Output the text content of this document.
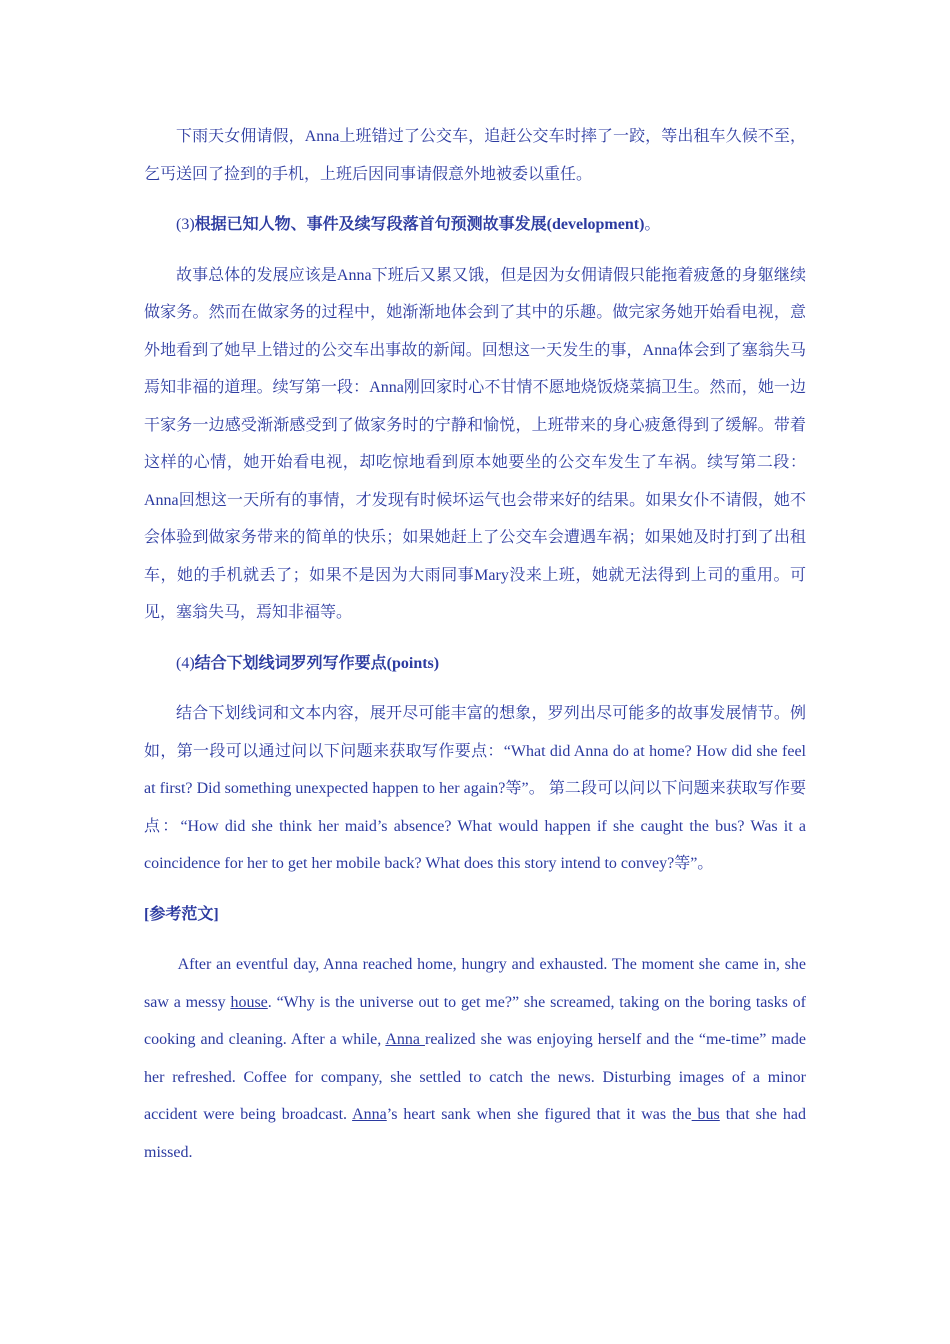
下雨天女佣请假，Anna上班错过了公交车，追赶公交车时摔了一跤，等出租车久候不至，乞丐送回了捡到的手机，上班后因同事请假意外地被委以重任。

(3)根据已知人物、事件及续写段落首句预测故事发展(development)。

故事总体的发展应该是Anna下班后又累又饿，但是因为女佣请假只能拖着疲惫的身躯继续做家务。然而在做家务的过程中，她渐渐地体会到了其中的乐趣。做完家务她开始看电视，意外地看到了她早上错过的公交车出事故的新闻。回想这一天发生的事，Anna体会到了塞翁失马焉知非福的道理。续写第一段：Anna刚回家时心不甘情不愿地烧饭烧菜搞卫生。然而，她一边干家务一边感受渐渐感受到了做家务时的宁静和愉悦，上班带来的身心疲惫得到了缓解。带着这样的心情，她开始看电视，却吃惊地看到原本她要坐的公交车发生了车祸。续写第二段：Anna回想这一天所有的事情，才发现有时候坏运气也会带来好的结果。如果女仆不请假，她不会体验到做家务带来的简单的快乐；如果她赶上了公交车会遭遇车祸；如果她及时打到了出租车，她的手机就丢了；如果不是因为大雨同事Mary没来上班，她就无法得到上司的重用。可见，塞翁失马，焉知非福等。

(4)结合下划线词罗列写作要点(points)

结合下划线词和文本内容，展开尽可能丰富的想象，罗列出尽可能多的故事发展情节。例如，第一段可以通过问以下问题来获取写作要点：“What did Anna do at home? How did she feel at first? Did something unexpected happen to her again?等”。 第二段可以问以下问题来获取写作要点：“How did she think her maid’s absence? What would happen if she caught the bus? Was it a coincidence for her to get her mobile back? What does this story intend to convey?等”。

[参考范文]

After an eventful day, Anna reached home, hungry and exhausted. The moment she came in, she saw a messy house. “Why is the universe out to get me?” she screamed, taking on the boring tasks of cooking and cleaning. After a while, Anna realized she was enjoying herself and the “me-time” made her refreshed. Coffee for company, she settled to catch the news. Disturbing images of a minor accident were being broadcast. Anna’s heart sank when she figured that it was the bus that she had missed.
